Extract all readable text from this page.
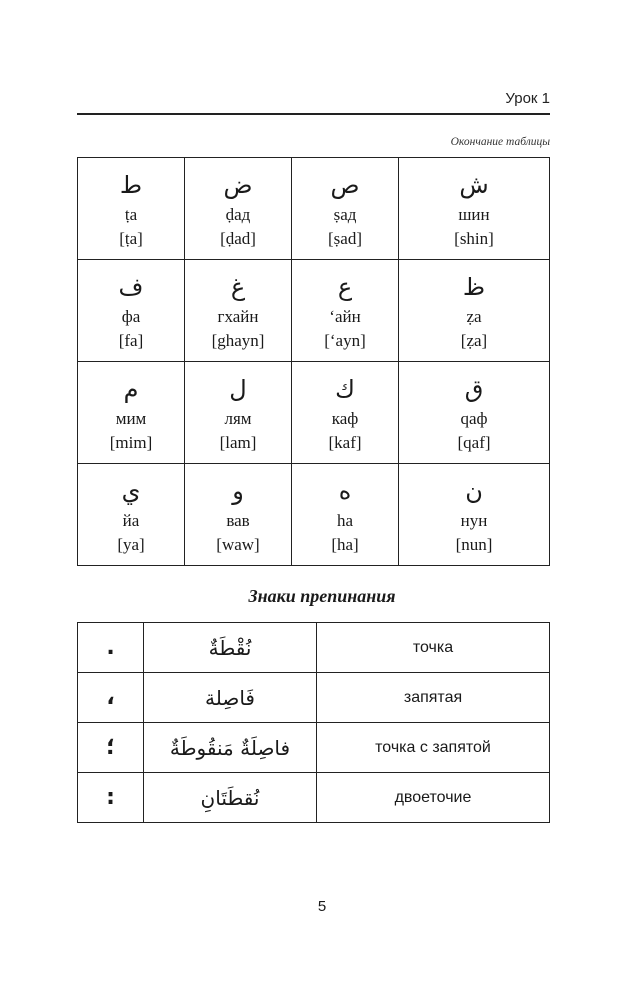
Урок 1
Окончание таблицы
ط
ṭa
[ṭa]	ض
ḍад
[ḍad]	ص
ṣад
[ṣad]	ش
шин
[shin]

ف
фа
[fa]	غ
гхайн
[ghayn]	ع
ʻайн
[ʻayn]	ظ
ẓa
[ẓa]

م
мим
[mim]	ل
лям
[lam]	ك
каф
[kaf]	ق
qаф
[qaf]

ي
йа
[ya]	و
вав
[waw]	ه
ha
[ha]	ن
нун
[nun]
Знаки препинания
.	نُقْطَةٌ	точка
،	فَاصِلة	запятая
؛	فاصِلَةٌ مَنقُوطَةٌ	точка с запятой
:	نُقطَتَانِ	двоеточие
5
